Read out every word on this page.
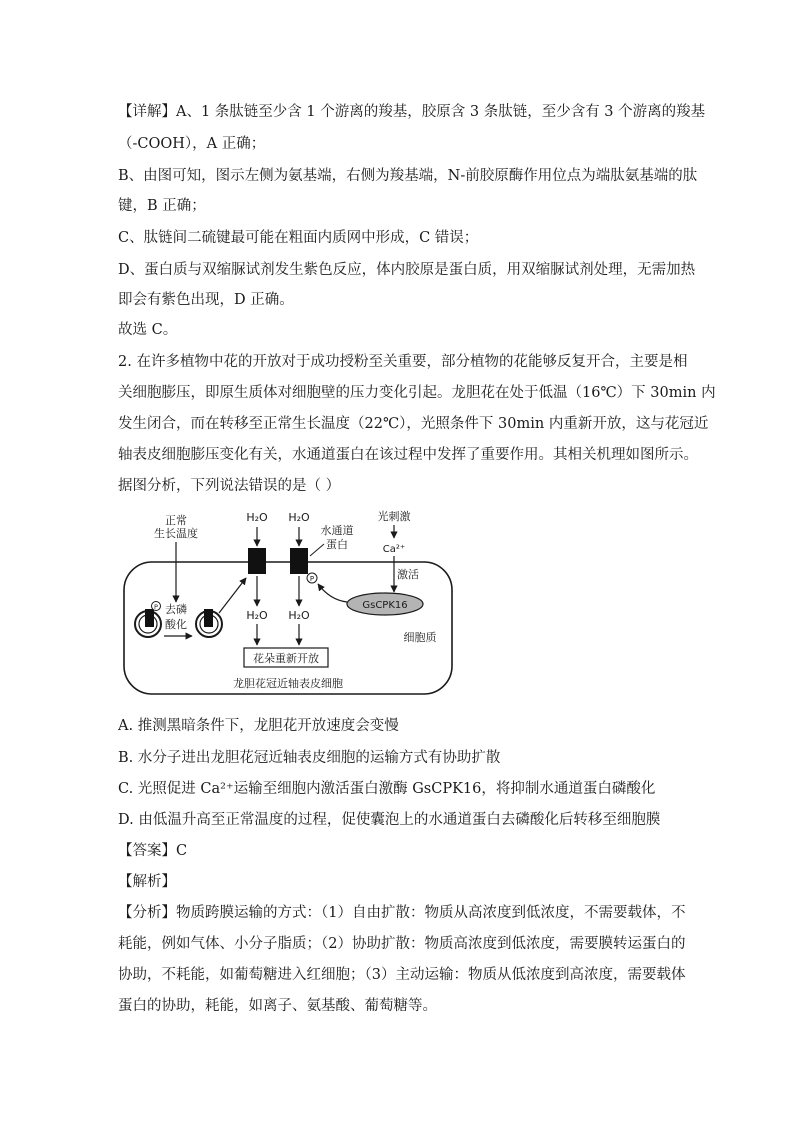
【详解】A、1 条肽链至少含 1 个游离的羧基，胶原含 3 条肽链，至少含有 3 个游离的羧基
（-COOH），A 正确；
B、由图可知，图示左侧为氨基端，右侧为羧基端，N-前胶原酶作用位点为端肽氨基端的肽
键，B 正确；
C、肽链间二硫键最可能在粗面内质网中形成，C 错误；
D、蛋白质与双缩脲试剂发生紫色反应，体内胶原是蛋白质，用双缩脲试剂处理，无需加热
即会有紫色出现，D 正确。
故选 C。
2. 在许多植物中花的开放对于成功授粉至关重要，部分植物的花能够反复开合，主要是相
关细胞膨压，即原生质体对细胞壁的压力变化引起。龙胆花在处于低温（16℃）下 30min 内
发生闭合，而在转移至正常生长温度（22℃），光照条件下 30min 内重新开放，这与花冠近
轴表皮细胞膨压变化有关，水通道蛋白在该过程中发挥了重要作用。其相关机理如图所示。
据图分析，下列说法错误的是（ ）
正常
生长温度
P 去磷
酸化
H₂O
H₂O
H₂O
P
H₂O
水通道
蛋白
光刺激
Ca²⁺
激活
GsCPK16
细胞质
花朵重新开放
龙胆花冠近轴表皮细胞
A. 推测黑暗条件下，龙胆花开放速度会变慢
B. 水分子进出龙胆花冠近轴表皮细胞的运输方式有协助扩散
C. 光照促进 Ca²⁺运输至细胞内激活蛋白激酶 GsCPK16，将抑制水通道蛋白磷酸化
D. 由低温升高至正常温度的过程，促使囊泡上的水通道蛋白去磷酸化后转移至细胞膜
【答案】C
【解析】
【分析】物质跨膜运输的方式：（1）自由扩散：物质从高浓度到低浓度，不需要载体，不
耗能，例如气体、小分子脂质；（2）协助扩散：物质高浓度到低浓度，需要膜转运蛋白的
协助，不耗能，如葡萄糖进入红细胞；（3）主动运输：物质从低浓度到高浓度，需要载体
蛋白的协助，耗能，如离子、氨基酸、葡萄糖等。
